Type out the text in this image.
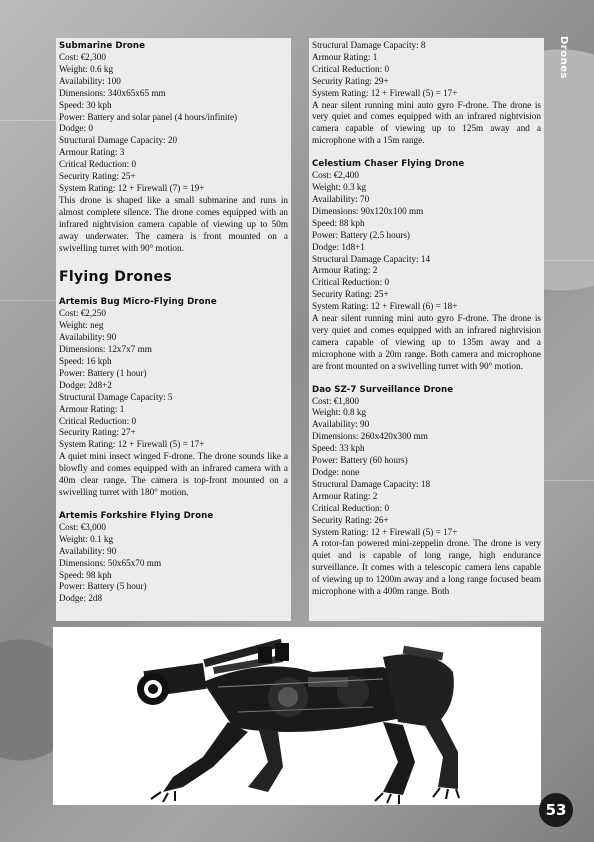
Drones

Submarine Drone

Cost: €2,300

Weight: 0.6 kg

Availability: 100

Dimensions: 340x65x65 mm

Speed: 30 kph

Power: Battery and solar panel (4 hours/infinite)

Dodge: 0

Structural Damage Capacity: 20

Armour Rating: 3

Critical Reduction: 0

Security Rating: 25+

System Rating: 12 + Firewall (7) = 19+

This drone is shaped like a small submarine and runs in almost complete silence. The drone comes equipped with an infrared nightvision camera capable of viewing up to 50m away underwater. The camera is front mounted on a swivelling turret with 90° motion.

Flying Drones

Artemis Bug Micro-Flying Drone

Cost: €2,250

Weight: neg

Availability: 90

Dimensions: 12x7x7 mm

Speed: 16 kph

Power: Battery (1 hour)

Dodge: 2d8+2

Structural Damage Capacity: 5

Armour Rating: 1

Critical Reduction: 0

Security Rating: 27+

System Rating: 12 + Firewall (5) = 17+

A quiet mini insect winged F-drone. The drone sounds like a blowfly and comes equipped with an infrared camera with a 40m clear range. The camera is top-front mounted on a swivelling turret with 180° motion.

Artemis Forkshire Flying Drone

Cost: €3,000

Weight: 0.1 kg

Availability: 90

Dimensions: 50x65x70 mm

Speed: 98 kph

Power: Battery (5 hour)

Dodge: 2d8

Structural Damage Capacity: 8

Armour Rating: 1

Critical Reduction: 0

Security Rating: 29+

System Rating: 12 + Firewall (5) = 17+

A near silent running mini auto gyro F-drone. The drone is very quiet and comes equipped with an infrared nightvision camera capable of viewing up to 125m away and a microphone with a 15m range.

Celestium Chaser Flying Drone

Cost: €2,400

Weight: 0.3 kg

Availability: 70

Dimensions: 90x120x100 mm

Speed: 88 kph

Power: Battery (2.5 hours)

Dodge: 1d8+1

Structural Damage Capacity: 14

Armour Rating: 2

Critical Reduction: 0

Security Rating: 25+

System Rating: 12 + Firewall (6) = 18+

A near silent running mini auto gyro F-drone. The drone is very quiet and comes equipped with an infrared nightvision camera capable of viewing up to 135m away and a microphone with a 20m range. Both camera and microphone are front mounted on a swivelling turret with 90° motion.

Dao SZ-7 Surveillance Drone

Cost: €1,800

Weight: 0.8 kg

Availability: 90

Dimensions: 260x420x300 mm

Speed: 33 kph

Power: Battery (60 hours)

Dodge: none

Structural Damage Capacity: 18

Armour Rating: 2

Critical Reduction: 0

Security Rating: 26+

System Rating: 12 + Firewall (5) = 17+

A rotor-fan powered mini-zeppelin drone. The drone is very quiet and is capable of long range, high endurance surveillance. It comes with a telescopic camera lens capable of viewing up to 1200m away and a long range focused beam microphone with a 400m range. Both

53
